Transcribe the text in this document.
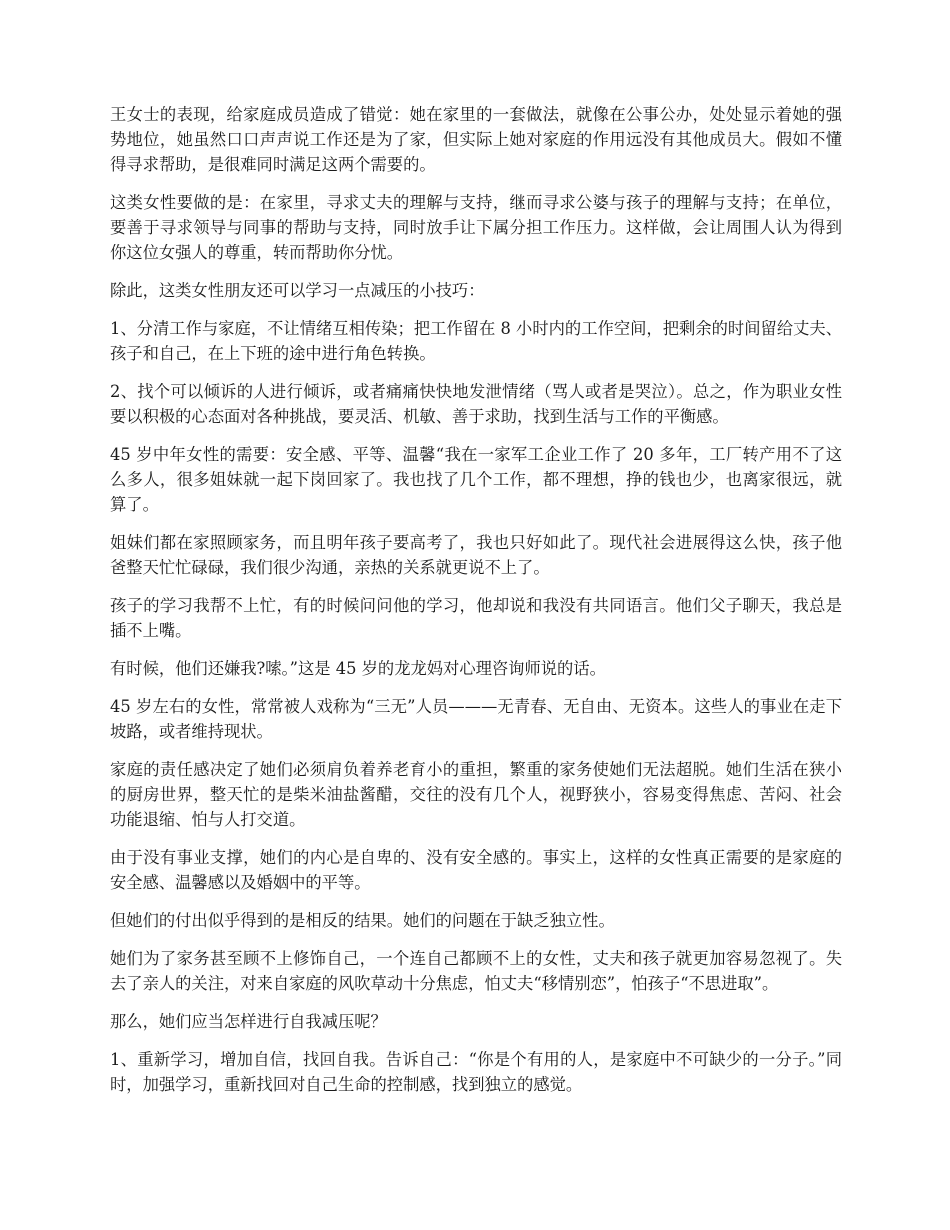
王女士的表现，给家庭成员造成了错觉：她在家里的一套做法，就像在公事公办，处处显示着她的强势地位，她虽然口口声声说工作还是为了家，但实际上她对家庭的作用远没有其他成员大。假如不懂得寻求帮助，是很难同时满足这两个需要的。

这类女性要做的是：在家里，寻求丈夫的理解与支持，继而寻求公婆与孩子的理解与支持；在单位，要善于寻求领导与同事的帮助与支持，同时放手让下属分担工作压力。这样做，会让周围人认为得到你这位女强人的尊重，转而帮助你分忧。

除此，这类女性朋友还可以学习一点减压的小技巧：

1、分清工作与家庭，不让情绪互相传染；把工作留在 8 小时内的工作空间，把剩余的时间留给丈夫、孩子和自己，在上下班的途中进行角色转换。

2、找个可以倾诉的人进行倾诉，或者痛痛快快地发泄情绪（骂人或者是哭泣）。总之，作为职业女性要以积极的心态面对各种挑战，要灵活、机敏、善于求助，找到生活与工作的平衡感。

45 岁中年女性的需要：安全感、平等、温馨“我在一家军工企业工作了 20 多年，工厂转产用不了这么多人，很多姐妹就一起下岗回家了。我也找了几个工作，都不理想，挣的钱也少，也离家很远，就算了。

姐妹们都在家照顾家务，而且明年孩子要高考了，我也只好如此了。现代社会进展得这么快，孩子他爸整天忙忙碌碌，我们很少沟通，亲热的关系就更说不上了。

孩子的学习我帮不上忙，有的时候问问他的学习，他却说和我没有共同语言。他们父子聊天，我总是插不上嘴。

有时候，他们还嫌我?嗦。”这是 45 岁的龙龙妈对心理咨询师说的话。

45 岁左右的女性，常常被人戏称为“三无”人员———无青春、无自由、无资本。这些人的事业在走下坡路，或者维持现状。

家庭的责任感决定了她们必须肩负着养老育小的重担，繁重的家务使她们无法超脱。她们生活在狭小的厨房世界，整天忙的是柴米油盐酱醋，交往的没有几个人，视野狭小，容易变得焦虑、苦闷、社会功能退缩、怕与人打交道。

由于没有事业支撑，她们的内心是自卑的、没有安全感的。事实上，这样的女性真正需要的是家庭的安全感、温馨感以及婚姻中的平等。

但她们的付出似乎得到的是相反的结果。她们的问题在于缺乏独立性。

她们为了家务甚至顾不上修饰自己，一个连自己都顾不上的女性，丈夫和孩子就更加容易忽视了。失去了亲人的关注，对来自家庭的风吹草动十分焦虑，怕丈夫“移情别恋”，怕孩子“不思进取”。

那么，她们应当怎样进行自我减压呢？

1、重新学习，增加自信，找回自我。告诉自己：“你是个有用的人，是家庭中不可缺少的一分子。”同时，加强学习，重新找回对自己生命的控制感，找到独立的感觉。
